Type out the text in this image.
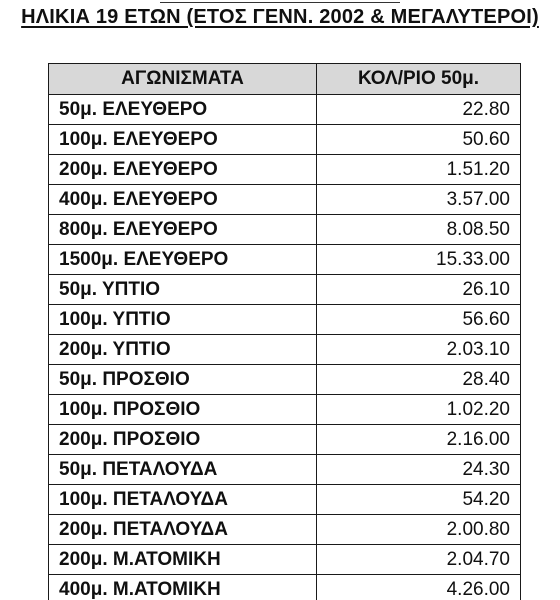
ΗΛΙΚΙΑ 19 ΕΤΩΝ (ΕΤΟΣ ΓΕΝΝ. 2002 & ΜΕΓΑΛΥΤΕΡΟΙ)
ΑΓΩΝΙΣΜΑΤΑ	ΚΟΛ/ΡΙΟ 50μ.
50μ. ΕΛΕΥΘΕΡΟ	22.80
100μ. ΕΛΕΥΘΕΡΟ	50.60
200μ. ΕΛΕΥΘΕΡΟ	1.51.20
400μ. ΕΛΕΥΘΕΡΟ	3.57.00
800μ. ΕΛΕΥΘΕΡΟ	8.08.50
1500μ. ΕΛΕΥΘΕΡΟ	15.33.00
50μ. ΥΠΤΙΟ	26.10
100μ. ΥΠΤΙΟ	56.60
200μ. ΥΠΤΙΟ	2.03.10
50μ. ΠΡΟΣΘΙΟ	28.40
100μ. ΠΡΟΣΘΙΟ	1.02.20
200μ. ΠΡΟΣΘΙΟ	2.16.00
50μ. ΠΕΤΑΛΟΥΔΑ	24.30
100μ. ΠΕΤΑΛΟΥΔΑ	54.20
200μ. ΠΕΤΑΛΟΥΔΑ	2.00.80
200μ. Μ.ΑΤΟΜΙΚΗ	2.04.70
400μ. Μ.ΑΤΟΜΙΚΗ	4.26.00
